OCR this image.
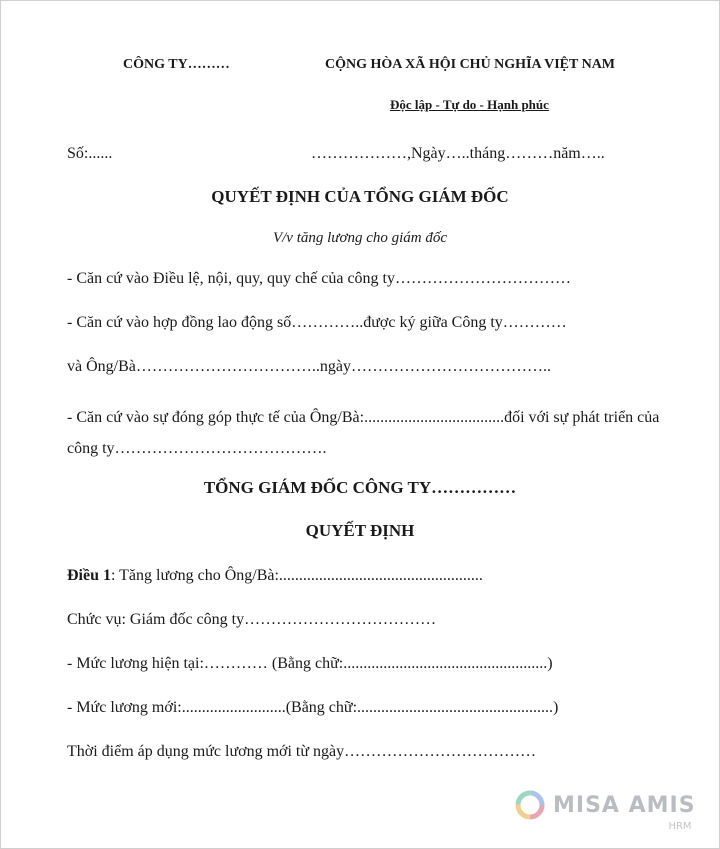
CÔNG TY………	CỘNG HÒA XÃ HỘI CHỦ NGHĨA VIỆT NAM
Độc lập - Tự do - Hạnh phúc
Số:......	………………,Ngày…..tháng………năm…..
QUYẾT ĐỊNH CỦA TỔNG GIÁM ĐỐC
V/v tăng lương cho giám đốc
- Căn cứ vào Điều lệ, nội, quy, quy chế của công ty……………………………
- Căn cứ vào hợp đồng lao động số…………..được ký giữa Công ty…………
và Ông/Bà……………………………..ngày………………………………..
- Căn cứ vào sự đóng góp thực tế của Ông/Bà:...................................đối với sự phát triển của công ty………………………………….
TỔNG GIÁM ĐỐC CÔNG TY……………
QUYẾT ĐỊNH
Điều 1: Tăng lương cho Ông/Bà:...................................................
Chức vụ: Giám đốc công ty………………………………
- Mức lương hiện tại:………… (Bằng chữ:...................................................)
- Mức lương mới:..........................(Bằng chữ:.................................................)
Thời điểm áp dụng mức lương mới từ ngày………………………………
MISA AMIS
HRM
